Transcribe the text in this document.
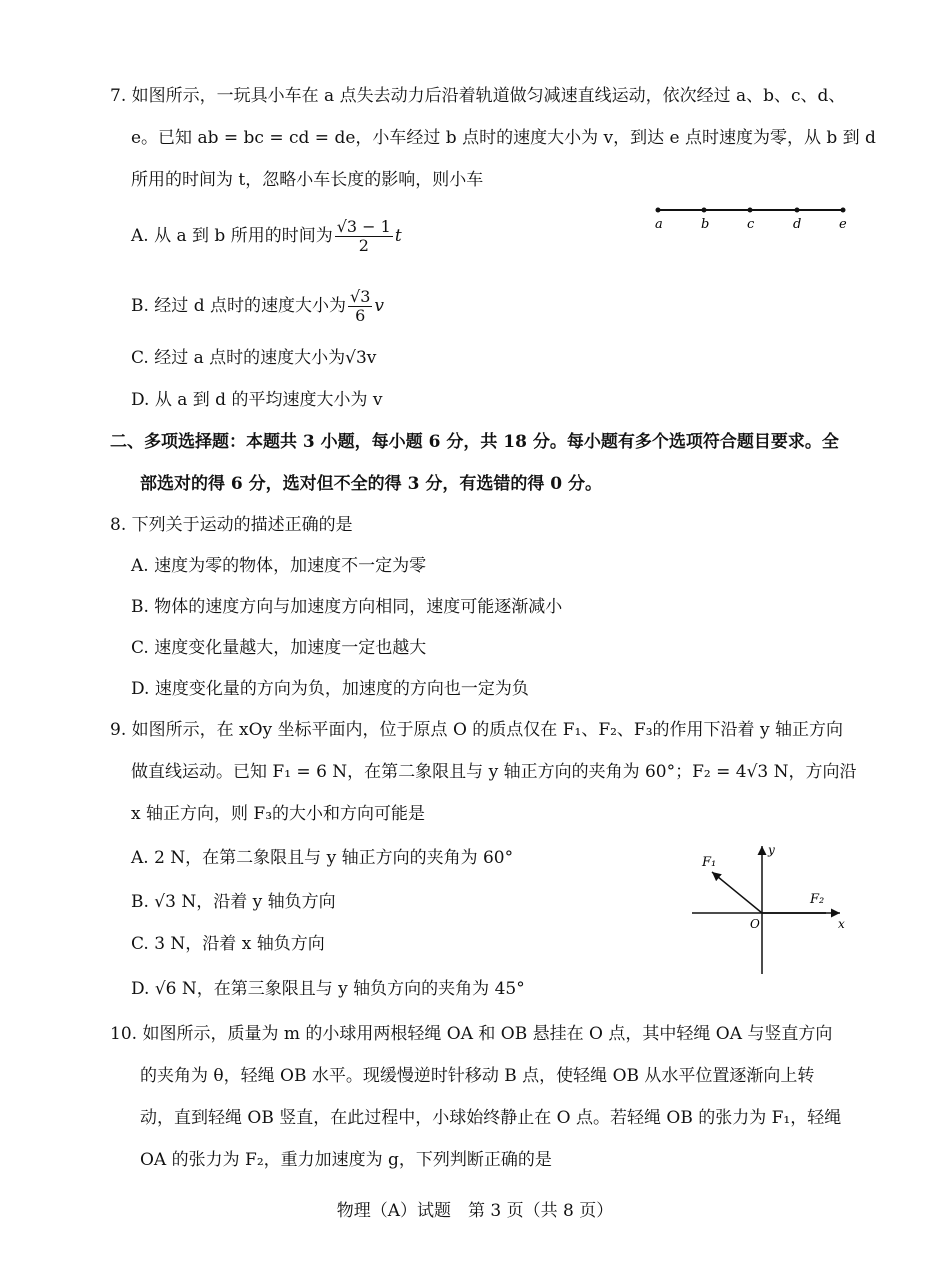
7. 如图所示，一玩具小车在 a 点失去动力后沿着轨道做匀减速直线运动，依次经过 a、b、c、d、
e。已知 ab = bc = cd = de，小车经过 b 点时的速度大小为 v，到达 e 点时速度为零，从 b 到 d
所用的时间为 t，忽略小车长度的影响，则小车
A. 从 a 到 b 所用的时间为 $\frac{√3 - 1}{2}$ t
a	b	c	d	e
B. 经过 d 点时的速度大小为 $\frac{√3}{6}$ v
C. 经过 a 点时的速度大小为√3v
D. 从 a 到 d 的平均速度大小为 v
二、多项选择题：本题共 3 小题，每小题 6 分，共 18 分。每小题有多个选项符合题目要求。全
部选对的得 6 分，选对但不全的得 3 分，有选错的得 0 分。
8. 下列关于运动的描述正确的是
A. 速度为零的物体，加速度不一定为零
B. 物体的速度方向与加速度方向相同，速度可能逐渐减小
C. 速度变化量越大，加速度一定也越大
D. 速度变化量的方向为负，加速度的方向也一定为负
9. 如图所示，在 xOy 坐标平面内，位于原点 O 的质点仅在 F₁、F₂、F₃的作用下沿着 y 轴正方向
做直线运动。已知 F₁ = 6 N，在第二象限且与 y 轴正方向的夹角为 60°；F₂ = 4√3 N，方向沿
x 轴正方向，则 F₃的大小和方向可能是
A. 2 N，在第二象限且与 y 轴正方向的夹角为 60°
B. √3 N，沿着 y 轴负方向
C. 3 N，沿着 x 轴负方向
D. √6 N，在第三象限且与 y 轴负方向的夹角为 45°
F₁
F₂
y
x
O
10. 如图所示，质量为 m 的小球用两根轻绳 OA 和 OB 悬挂在 O 点，其中轻绳 OA 与竖直方向
的夹角为 θ，轻绳 OB 水平。现缓慢逆时针移动 B 点，使轻绳 OB 从水平位置逐渐向上转
动，直到轻绳 OB 竖直，在此过程中，小球始终静止在 O 点。若轻绳 OB 的张力为 F₁，轻绳
OA 的张力为 F₂，重力加速度为 g，下列判断正确的是
物理（A）试题　第 3 页（共 8 页）
